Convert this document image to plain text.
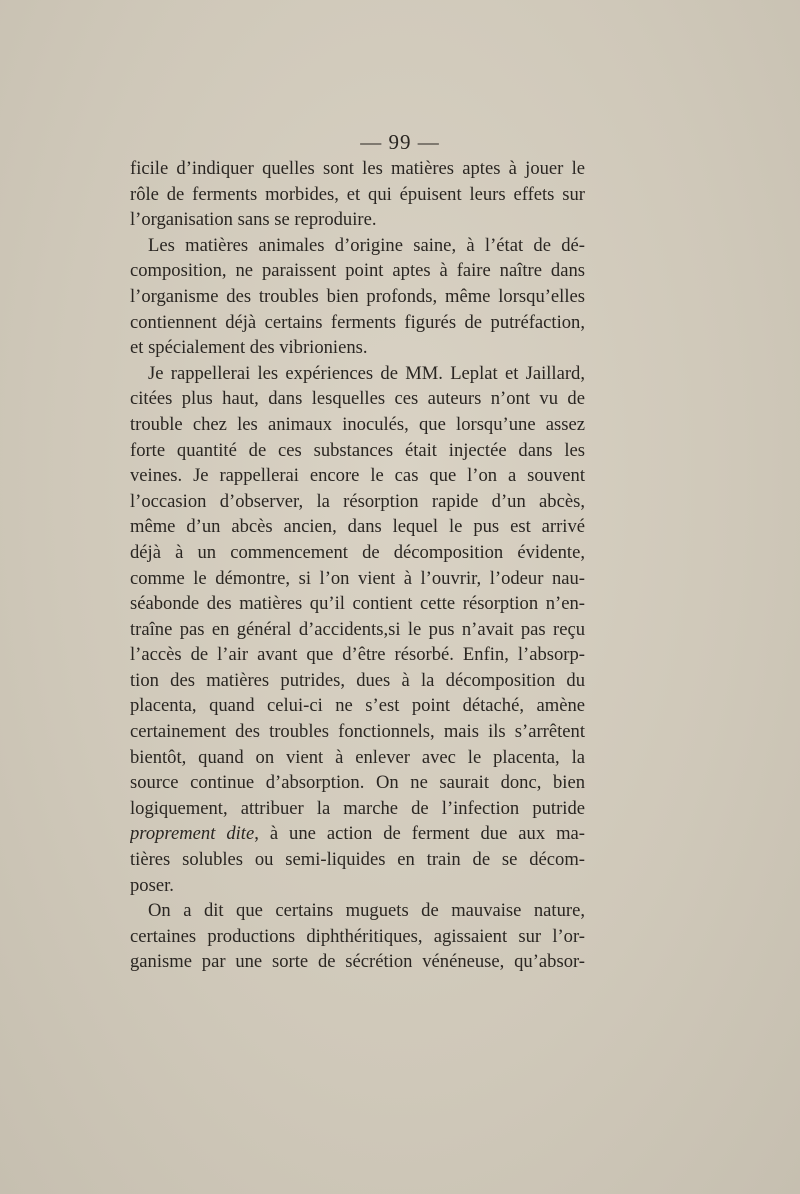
— 99 —
ficile d’indiquer quelles sont les matières aptes à jouer le
rôle de ferments morbides, et qui épuisent leurs effets sur
l’organisation sans se reproduire.
Les matières animales d’origine saine, à l’état de dé-
composition, ne paraissent point aptes à faire naître dans
l’organisme des troubles bien profonds, même lorsqu’elles
contiennent déjà certains ferments figurés de putréfaction,
et spécialement des vibrioniens.
Je rappellerai les expériences de MM. Leplat et Jaillard,
citées plus haut, dans lesquelles ces auteurs n’ont vu de
trouble chez les animaux inoculés, que lorsqu’une assez
forte quantité de ces substances était injectée dans les
veines. Je rappellerai encore le cas que l’on a souvent
l’occasion d’observer, la résorption rapide d’un abcès,
même d’un abcès ancien, dans lequel le pus est arrivé
déjà à un commencement de décomposition évidente,
comme le démontre, si l’on vient à l’ouvrir, l’odeur nau-
séabonde des matières qu’il contient cette résorption n’en-
traîne pas en général d’accidents,si le pus n’avait pas reçu
l’accès de l’air avant que d’être résorbé. Enfin, l’absorp-
tion des matières putrides, dues à la décomposition du
placenta, quand celui-ci ne s’est point détaché, amène
certainement des troubles fonctionnels, mais ils s’arrêtent
bientôt, quand on vient à enlever avec le placenta, la
source continue d’absorption. On ne saurait donc, bien
logiquement, attribuer la marche de l’infection putride
proprement dite, à une action de ferment due aux ma-
tières solubles ou semi-liquides en train de se décom-
poser.
On a dit que certains muguets de mauvaise nature,
certaines productions diphthéritiques, agissaient sur l’or-
ganisme par une sorte de sécrétion vénéneuse, qu’absor-
